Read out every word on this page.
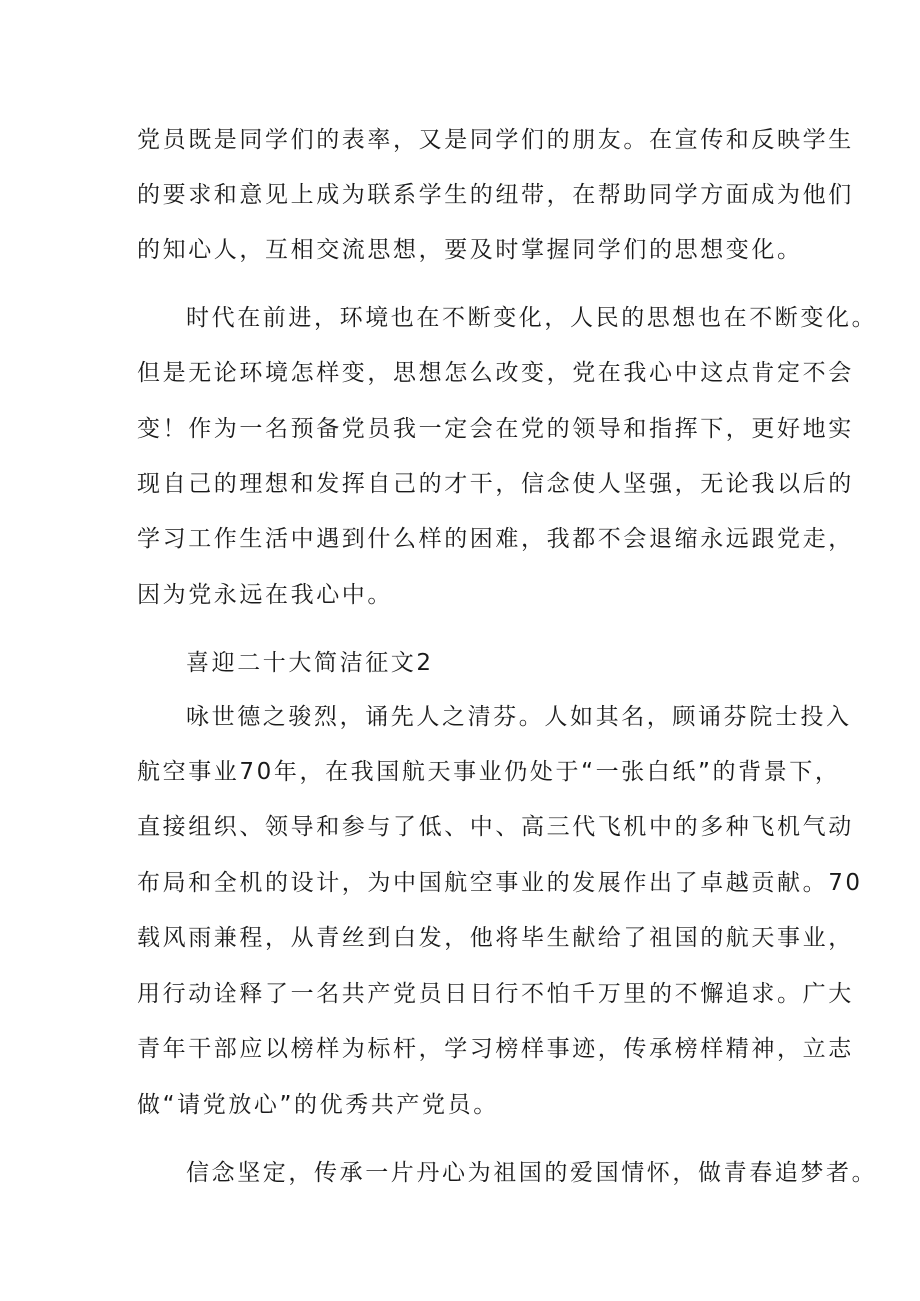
党员既是同学们的表率，又是同学们的朋友。在宣传和反映学生
的要求和意见上成为联系学生的纽带，在帮助同学方面成为他们
的知心人，互相交流思想，要及时掌握同学们的思想变化。
时代在前进，环境也在不断变化，人民的思想也在不断变化。
但是无论环境怎样变，思想怎么改变，党在我心中这点肯定不会
变！作为一名预备党员我一定会在党的领导和指挥下，更好地实
现自己的理想和发挥自己的才干，信念使人坚强，无论我以后的
学习工作生活中遇到什么样的困难，我都不会退缩永远跟党走，
因为党永远在我心中。
喜迎二十大简洁征文2
咏世德之骏烈，诵先人之清芬。人如其名，顾诵芬院士投入
航空事业70年，在我国航天事业仍处于“一张白纸”的背景下，
直接组织、领导和参与了低、中、高三代飞机中的多种飞机气动
布局和全机的设计，为中国航空事业的发展作出了卓越贡献。70
载风雨兼程，从青丝到白发，他将毕生献给了祖国的航天事业，
用行动诠释了一名共产党员日日行不怕千万里的不懈追求。广大
青年干部应以榜样为标杆，学习榜样事迹，传承榜样精神，立志
做“请党放心”的优秀共产党员。
信念坚定，传承一片丹心为祖国的爱国情怀，做青春追梦者。
